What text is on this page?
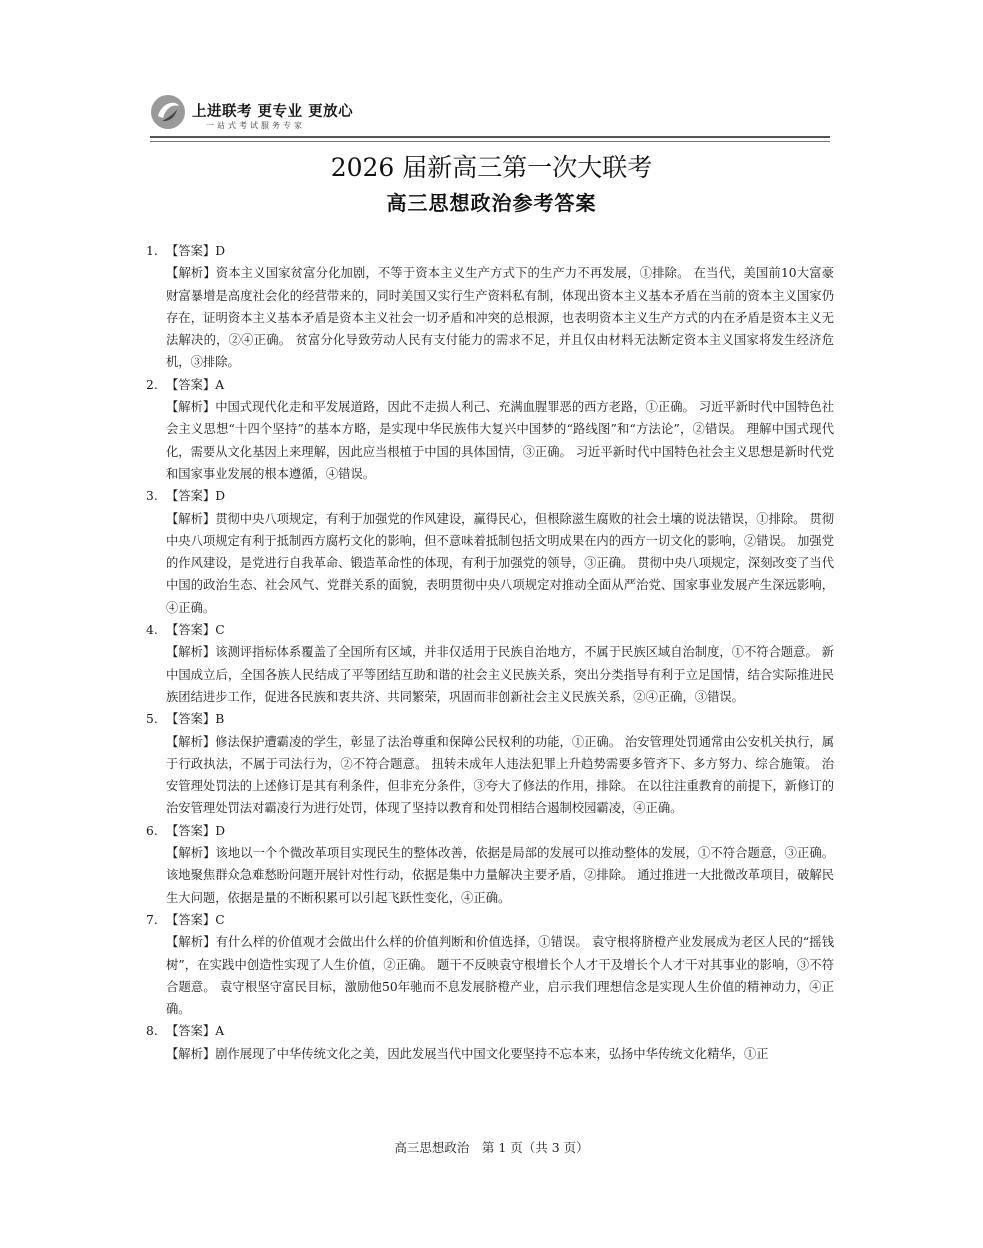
上进联考 更专业 更放心
一站式考试服务专家
2026 届新高三第一次大联考
高三思想政治参考答案
1. 【答案】D
【解析】资本主义国家贫富分化加剧，不等于资本主义生产方式下的生产力不再发展，①排除。 在当代，美国前10大富豪财富暴增是高度社会化的经营带来的，同时美国又实行生产资料私有制，体现出资本主义基本矛盾在当前的资本主义国家仍存在，证明资本主义基本矛盾是资本主义社会一切矛盾和冲突的总根源，也表明资本主义生产方式的内在矛盾是资本主义无法解决的，②④正确。 贫富分化导致劳动人民有支付能力的需求不足，并且仅由材料无法断定资本主义国家将发生经济危机，③排除。
2. 【答案】A
【解析】中国式现代化走和平发展道路，因此不走损人利己、充满血腥罪恶的西方老路，①正确。 习近平新时代中国特色社会主义思想“十四个坚持”的基本方略，是实现中华民族伟大复兴中国梦的“路线图”和“方法论”，②错误。 理解中国式现代化，需要从文化基因上来理解，因此应当根植于中国的具体国情，③正确。 习近平新时代中国特色社会主义思想是新时代党和国家事业发展的根本遵循，④错误。
3. 【答案】D
【解析】贯彻中央八项规定，有利于加强党的作风建设，赢得民心，但根除滋生腐败的社会土壤的说法错误，①排除。 贯彻中央八项规定有利于抵制西方腐朽文化的影响，但不意味着抵制包括文明成果在内的西方一切文化的影响，②错误。 加强党的作风建设，是党进行自我革命、锻造革命性的体现，有利于加强党的领导，③正确。 贯彻中央八项规定，深刻改变了当代中国的政治生态、社会风气、党群关系的面貌，表明贯彻中央八项规定对推动全面从严治党、国家事业发展产生深远影响，④正确。
4. 【答案】C
【解析】该测评指标体系覆盖了全国所有区域，并非仅适用于民族自治地方，不属于民族区域自治制度，①不符合题意。 新中国成立后，全国各族人民结成了平等团结互助和谐的社会主义民族关系，突出分类指导有利于立足国情，结合实际推进民族团结进步工作，促进各民族和衷共济、共同繁荣，巩固而非创新社会主义民族关系，②④正确，③错误。
5. 【答案】B
【解析】修法保护遭霸凌的学生，彰显了法治尊重和保障公民权利的功能，①正确。 治安管理处罚通常由公安机关执行，属于行政执法，不属于司法行为，②不符合题意。 扭转未成年人违法犯罪上升趋势需要多管齐下、多方努力、综合施策。 治安管理处罚法的上述修订是其有利条件，但非充分条件，③夸大了修法的作用，排除。 在以往注重教育的前提下，新修订的治安管理处罚法对霸凌行为进行处罚，体现了坚持以教育和处罚相结合遏制校园霸凌，④正确。
6. 【答案】D
【解析】该地以一个个微改革项目实现民生的整体改善，依据是局部的发展可以推动整体的发展，①不符合题意，③正确。 该地聚焦群众急难愁盼问题开展针对性行动，依据是集中力量解决主要矛盾，②排除。 通过推进一大批微改革项目，破解民生大问题，依据是量的不断积累可以引起飞跃性变化，④正确。
7. 【答案】C
【解析】有什么样的价值观才会做出什么样的价值判断和价值选择，①错误。 袁守根将脐橙产业发展成为老区人民的“摇钱树”，在实践中创造性实现了人生价值，②正确。 题干不反映袁守根增长个人才干及增长个人才干对其事业的影响，③不符合题意。 袁守根坚守富民目标，激励他50年驰而不息发展脐橙产业，启示我们理想信念是实现人生价值的精神动力，④正确。
8. 【答案】A
【解析】剧作展现了中华传统文化之美，因此发展当代中国文化要坚持不忘本来，弘扬中华传统文化精华，①正
高三思想政治　第 1 页（共 3 页）
